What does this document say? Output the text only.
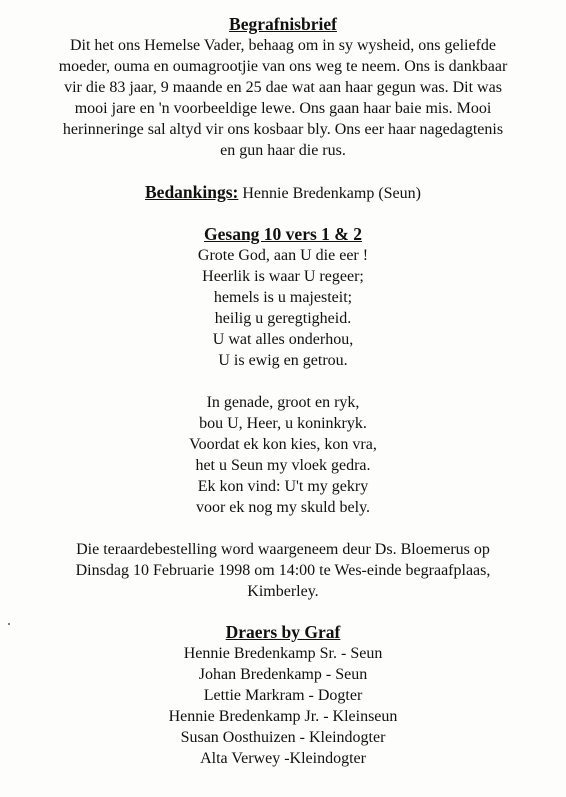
Begrafnisbrief

Dit het ons Hemelse Vader, behaag om in sy wysheid, ons geliefde
moeder, ouma en oumagrootjie van ons weg te neem. Ons is dankbaar
vir die 83 jaar, 9 maande en 25 dae wat aan haar gegun was. Dit was
mooi jare en 'n voorbeeldige lewe. Ons gaan haar baie mis. Mooi
herinneringe sal altyd vir ons kosbaar bly. Ons eer haar nagedagtenis
en gun haar die rus.

Bedankings: Hennie Bredenkamp (Seun)
Gesang 10 vers 1 & 2

Grote God, aan U die eer !
Heerlik is waar U regeer;
hemels is u majesteit;
heilig u geregtigheid.
U wat alles onderhou,
U is ewig en getrou.

In genade, groot en ryk,
bou U, Heer, u koninkryk.
Voordat ek kon kies, kon vra,
het u Seun my vloek gedra.
Ek kon vind: U't my gekry
voor ek nog my skuld bely.

Die teraardebestelling word waargeneem deur Ds. Bloemerus op
Dinsdag 10 Februarie 1998 om 14:00 te Wes-einde begraafplaas,
Kimberley.

Draers by Graf

Hennie Bredenkamp Sr. - Seun
Johan Bredenkamp - Seun
Lettie Markram - Dogter
Hennie Bredenkamp Jr. - Kleinseun
Susan Oosthuizen - Kleindogter
Alta Verwey -Kleindogter
